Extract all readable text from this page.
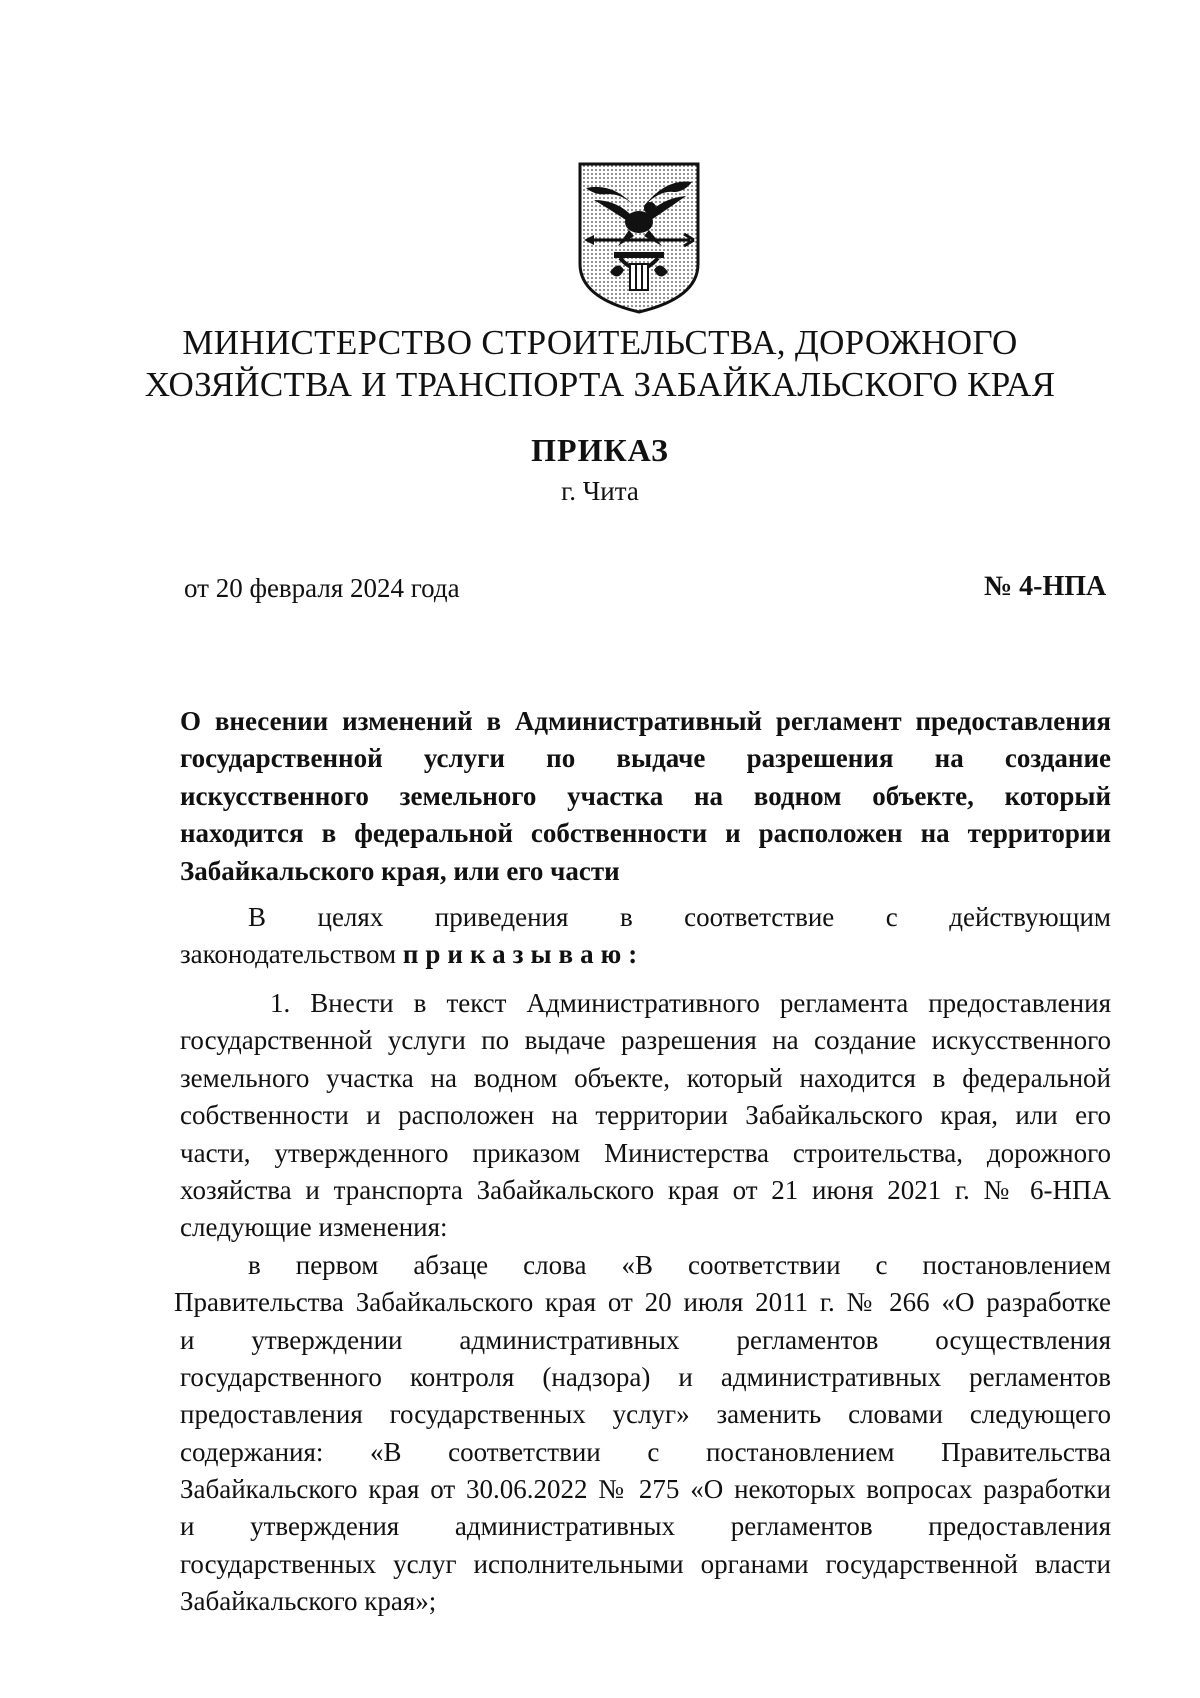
МИНИСТЕРСТВО СТРОИТЕЛЬСТВА, ДОРОЖНОГО
ХОЗЯЙСТВА И ТРАНСПОРТА ЗАБАЙКАЛЬСКОГО КРАЯ
ПРИКАЗ
г. Чита
от 20 февраля 2024 года	№ 4-НПА
О внесении изменений в Административный регламент предоставления
государственной услуги по выдаче разрешения на создание
искусственного земельного участка на водном объекте, который
находится в федеральной собственности и расположен на территории
Забайкальского края, или его части
В целях приведения в соответствие с действующим
законодательством приказываю:
1. Внести в текст Административного регламента предоставления
государственной услуги по выдаче разрешения на создание искусственного
земельного участка на водном объекте, который находится в федеральной
собственности и расположен на территории Забайкальского края, или его
части, утвержденного приказом Министерства строительства, дорожного
хозяйства и транспорта Забайкальского края от 21 июня 2021 г. № 6-НПА
следующие изменения:
в первом абзаце слова «В соответствии с постановлением
Правительства Забайкальского края от 20 июля 2011 г. № 266 «О разработке
и утверждении административных регламентов осуществления
государственного контроля (надзора) и административных регламентов
предоставления государственных услуг» заменить словами следующего
содержания: «В соответствии с постановлением Правительства
Забайкальского края от 30.06.2022 № 275 «О некоторых вопросах разработки
и утверждения административных регламентов предоставления
государственных услуг исполнительными органами государственной власти
Забайкальского края»;
